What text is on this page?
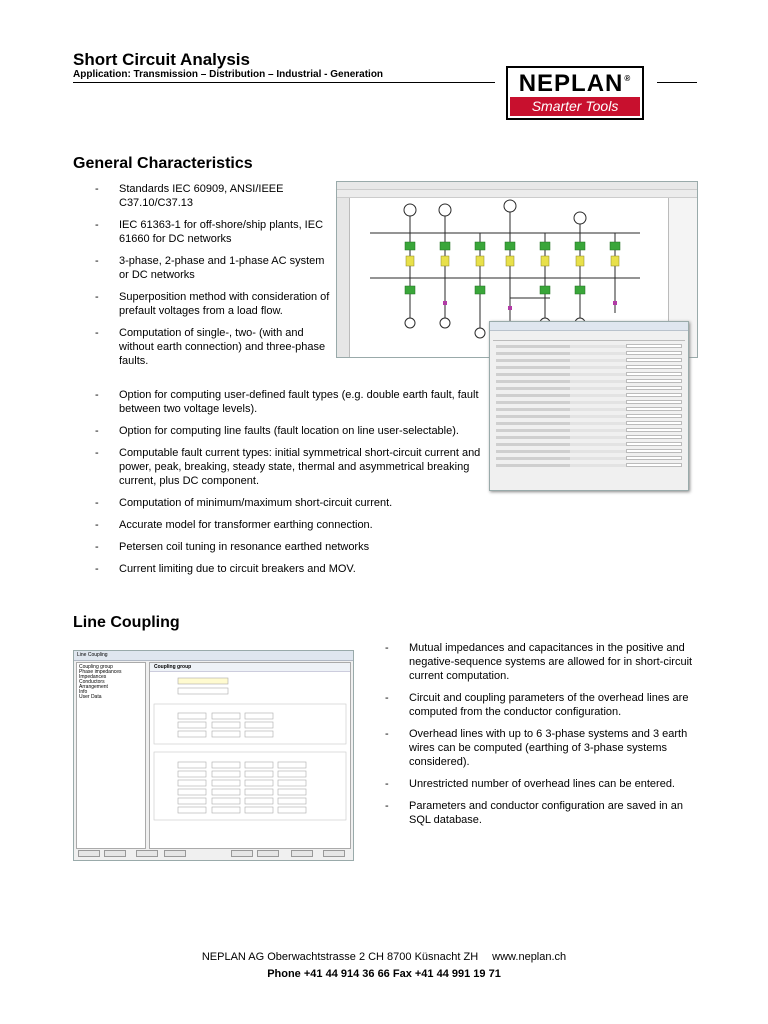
Short Circuit Analysis
Application: Transmission – Distribution – Industrial - Generation	NEPLAN®
Smarter Tools
General Characteristics
- Standards IEC 60909, ANSI/IEEE C37.10/C37.13
- IEC 61363-1 for off-shore/ship plants, IEC 61660 for DC networks
- 3-phase, 2-phase and 1-phase AC system or DC networks
- Superposition method with consideration of prefault voltages from a load flow.
- Computation of single-, two- (with and without earth connection) and three-phase faults.
- Option for computing user-defined fault types (e.g. double earth fault, fault between two voltage levels).
- Option for computing line faults (fault location on line user-selectable).
- Computable fault current types: initial symmetrical short-circuit current and power, peak, breaking, steady state, thermal and asymmetrical breaking current, plus DC component.
- Computation of minimum/maximum short-circuit current.
- Accurate model for transformer earthing connection.
- Petersen coil tuning in resonance earthed networks
- Current limiting due to circuit breakers and MOV.
Line Coupling
Line Coupling
Coupling group
Phase impedances
Impedances
Conductors
Arrangement
Info
User Data
Coupling group
- Mutual impedances and capacitances in the positive and negative-sequence systems are allowed for in short-circuit current computation.
- Circuit and coupling parameters of the overhead lines are computed from the conductor configuration.
- Overhead lines with up to 6 3-phase systems and 3 earth wires can be computed (earthing of 3-phase systems considered).
- Unrestricted number of overhead lines can be entered.
- Parameters and conductor configuration are saved in an SQL database.
NEPLAN AG Oberwachtstrasse 2 CH 8700 Küsnacht ZH www.neplan.ch
Phone +41 44 914 36 66 Fax +41 44 991 19 71
